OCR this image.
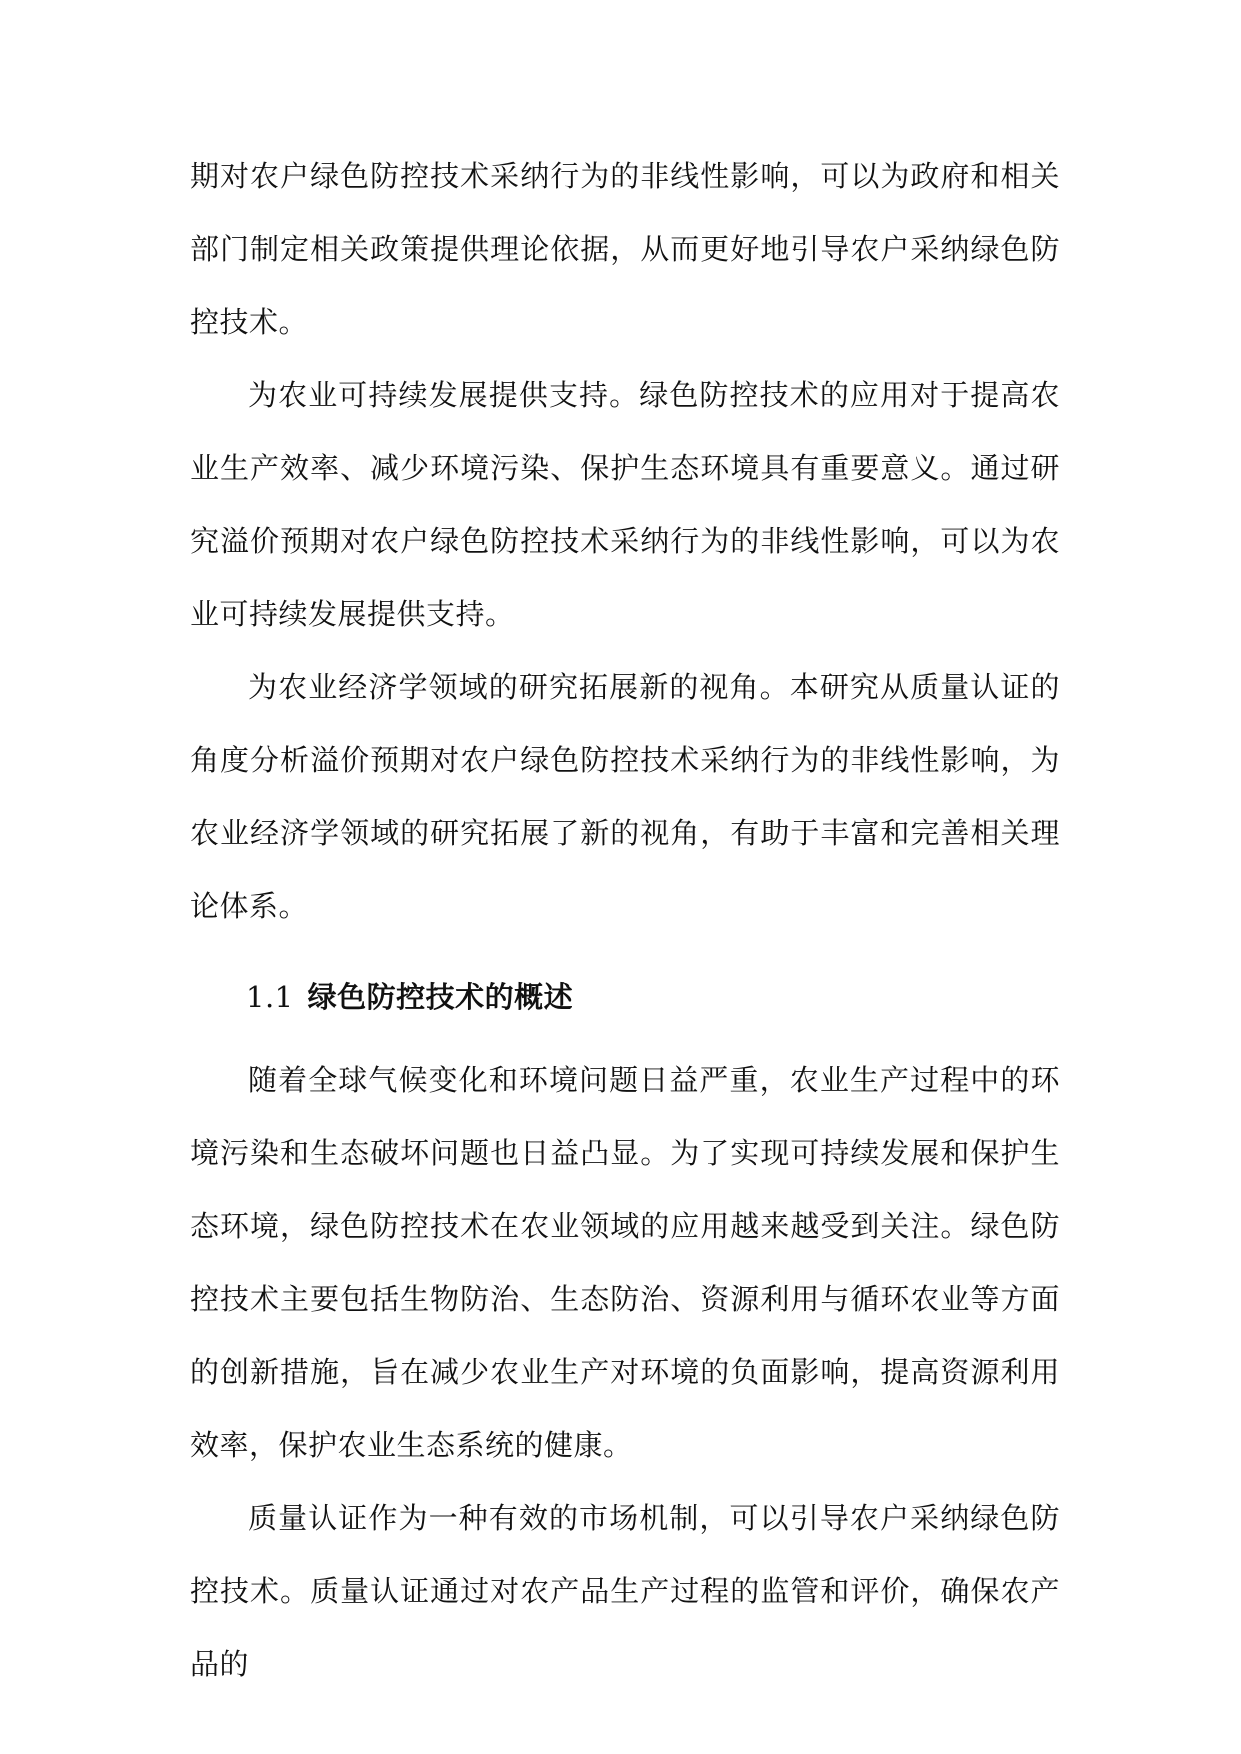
期对农户绿色防控技术采纳行为的非线性影响，可以为政府和相关部门制定相关政策提供理论依据，从而更好地引导农户采纳绿色防控技术。

为农业可持续发展提供支持。绿色防控技术的应用对于提高农业生产效率、减少环境污染、保护生态环境具有重要意义。通过研究溢价预期对农户绿色防控技术采纳行为的非线性影响，可以为农业可持续发展提供支持。

为农业经济学领域的研究拓展新的视角。本研究从质量认证的角度分析溢价预期对农户绿色防控技术采纳行为的非线性影响，为农业经济学领域的研究拓展了新的视角，有助于丰富和完善相关理论体系。

1.1 绿色防控技术的概述

随着全球气候变化和环境问题日益严重，农业生产过程中的环境污染和生态破坏问题也日益凸显。为了实现可持续发展和保护生态环境，绿色防控技术在农业领域的应用越来越受到关注。绿色防控技术主要包括生物防治、生态防治、资源利用与循环农业等方面的创新措施，旨在减少农业生产对环境的负面影响，提高资源利用效率，保护农业生态系统的健康。

质量认证作为一种有效的市场机制，可以引导农户采纳绿色防控技术。质量认证通过对农产品生产过程的监管和评价，确保农产品的
